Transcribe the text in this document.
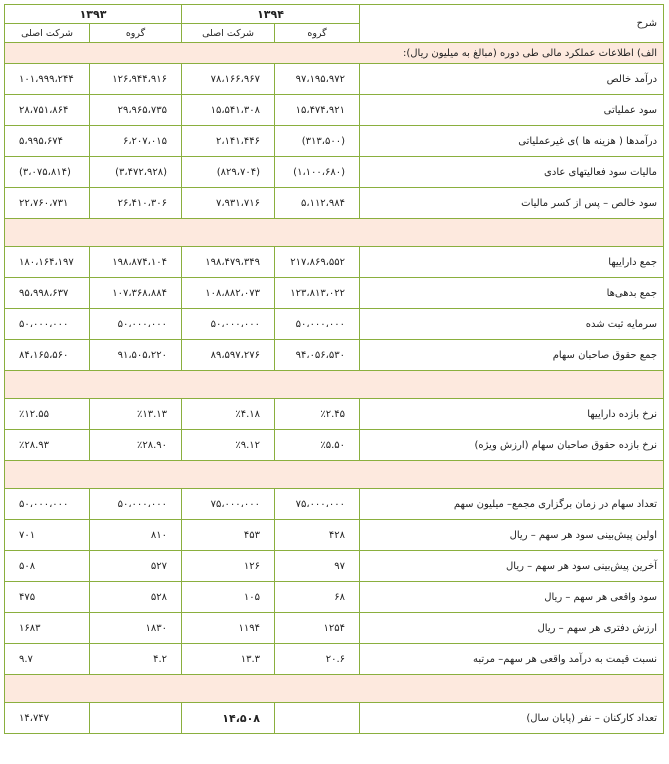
۱۳۹۳		۱۳۹۴		شرح
شرکت اصلی	گروه	شرکت اصلی	گروه	
الف) اطلاعات عملکرد مالی طی دوره (مبالغ به میلیون ریال):				
۱۰۱،۹۹۹،۲۴۴	۱۲۶،۹۴۴،۹۱۶	۷۸،۱۶۶،۹۶۷	۹۷،۱۹۵،۹۷۲	درآمد خالص
۲۸،۷۵۱،۸۶۴	۲۹،۹۶۵،۷۳۵	۱۵،۵۴۱،۳۰۸	۱۵،۴۷۴،۹۲۱	سود عملیاتی
۵،۹۹۵،۶۷۴	۶،۲۰۷،۰۱۵	۲،۱۴۱،۴۴۶	(۳۱۳،۵۰۰)	درآمدها ( هزینه ها )ی غیرعملیاتی
(۳،۰۷۵،۸۱۴)	(۳،۴۷۲،۹۲۸)	(۸۲۹،۷۰۴)	(۱،۱۰۰،۶۸۰)	مالیات سود فعالیتهای عادی
۲۲،۷۶۰،۷۳۱	۲۶،۴۱۰،۳۰۶	۷،۹۳۱،۷۱۶	۵،۱۱۲،۹۸۴	سود خالص – پس از کسر مالیات

۱۸۰،۱۶۴،۱۹۷	۱۹۸،۸۷۴،۱۰۴	۱۹۸،۴۷۹،۳۴۹	۲۱۷،۸۶۹،۵۵۲	جمع داراییها
۹۵،۹۹۸،۶۳۷	۱۰۷،۳۶۸،۸۸۴	۱۰۸،۸۸۲،۰۷۳	۱۲۳،۸۱۳،۰۲۲	جمع بدهی‌ها
۵۰،۰۰۰،۰۰۰	۵۰،۰۰۰،۰۰۰	۵۰،۰۰۰،۰۰۰	۵۰،۰۰۰،۰۰۰	سرمایه ثبت شده
۸۴،۱۶۵،۵۶۰	۹۱،۵۰۵،۲۲۰	۸۹،۵۹۷،۲۷۶	۹۴،۰۵۶،۵۳۰	جمع حقوق صاحبان سهام

٪۱۲.۵۵	٪۱۳.۱۳	٪۴.۱۸	٪۲.۴۵	نرخ بازده داراییها
٪۲۸.۹۳	٪۲۸.۹۰	٪۹.۱۲	٪۵.۵۰	نرخ بازده حقوق صاحبان سهام (ارزش ویژه)

۵۰،۰۰۰،۰۰۰	۵۰،۰۰۰،۰۰۰	۷۵،۰۰۰،۰۰۰	۷۵،۰۰۰،۰۰۰	تعداد سهام در زمان برگزاری مجمع– میلیون سهم
۷۰۱	۸۱۰	۴۵۳	۴۲۸	اولین پیش‌بینی سود هر سهم – ریال
۵۰۸	۵۲۷	۱۲۶	۹۷	آخرین پیش‌بینی سود هر سهم – ریال
۴۷۵	۵۲۸	۱۰۵	۶۸	سود واقعی هر سهم – ریال
۱۶۸۳	۱۸۳۰	۱۱۹۴	۱۲۵۴	ارزش دفتری هر سهم – ریال
۹.۷	۴.۲	۱۳.۳	۲۰.۶	نسبت قیمت به درآمد واقعی هر سهم– مرتبه

۱۴،۷۴۷		۱۴،۵۰۸		تعداد کارکنان – نفر (پایان سال)
